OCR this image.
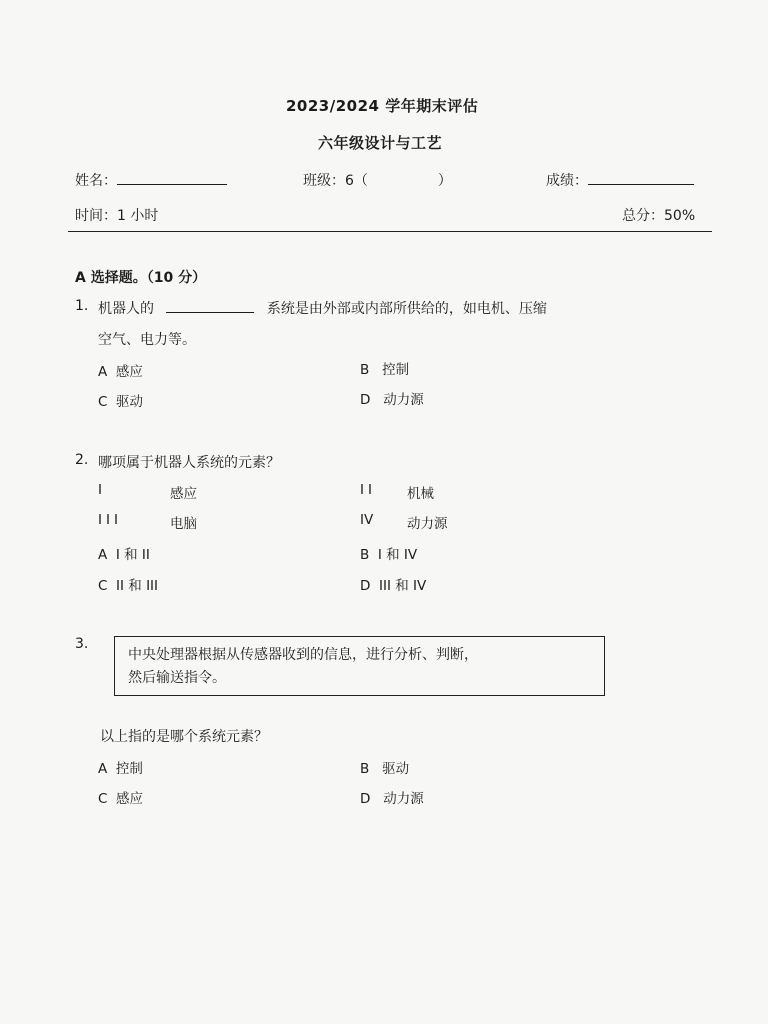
2023/2024 学年期末评估
六年级设计与工艺
姓名：	班级：6（	）	成绩：
时间：1 小时	总分：50%
A 选择题。（10 分）
1. 机器人的	系统是由外部或内部所供给的，如电机、压缩
空气、电力等。
A 感应	B 控制
C 驱动	D 动力源
2. 哪项属于机器人系统的元素？
I	感应	II 机械
III	电脑	IV	动力源
A I 和 II	B I 和 IV
C II 和 III	D III 和 IV
3.
中央处理器根据从传感器收到的信息，进行分析、判断，
然后输送指令。
以上指的是哪个系统元素？
A 控制	B 驱动
C 感应	D 动力源
